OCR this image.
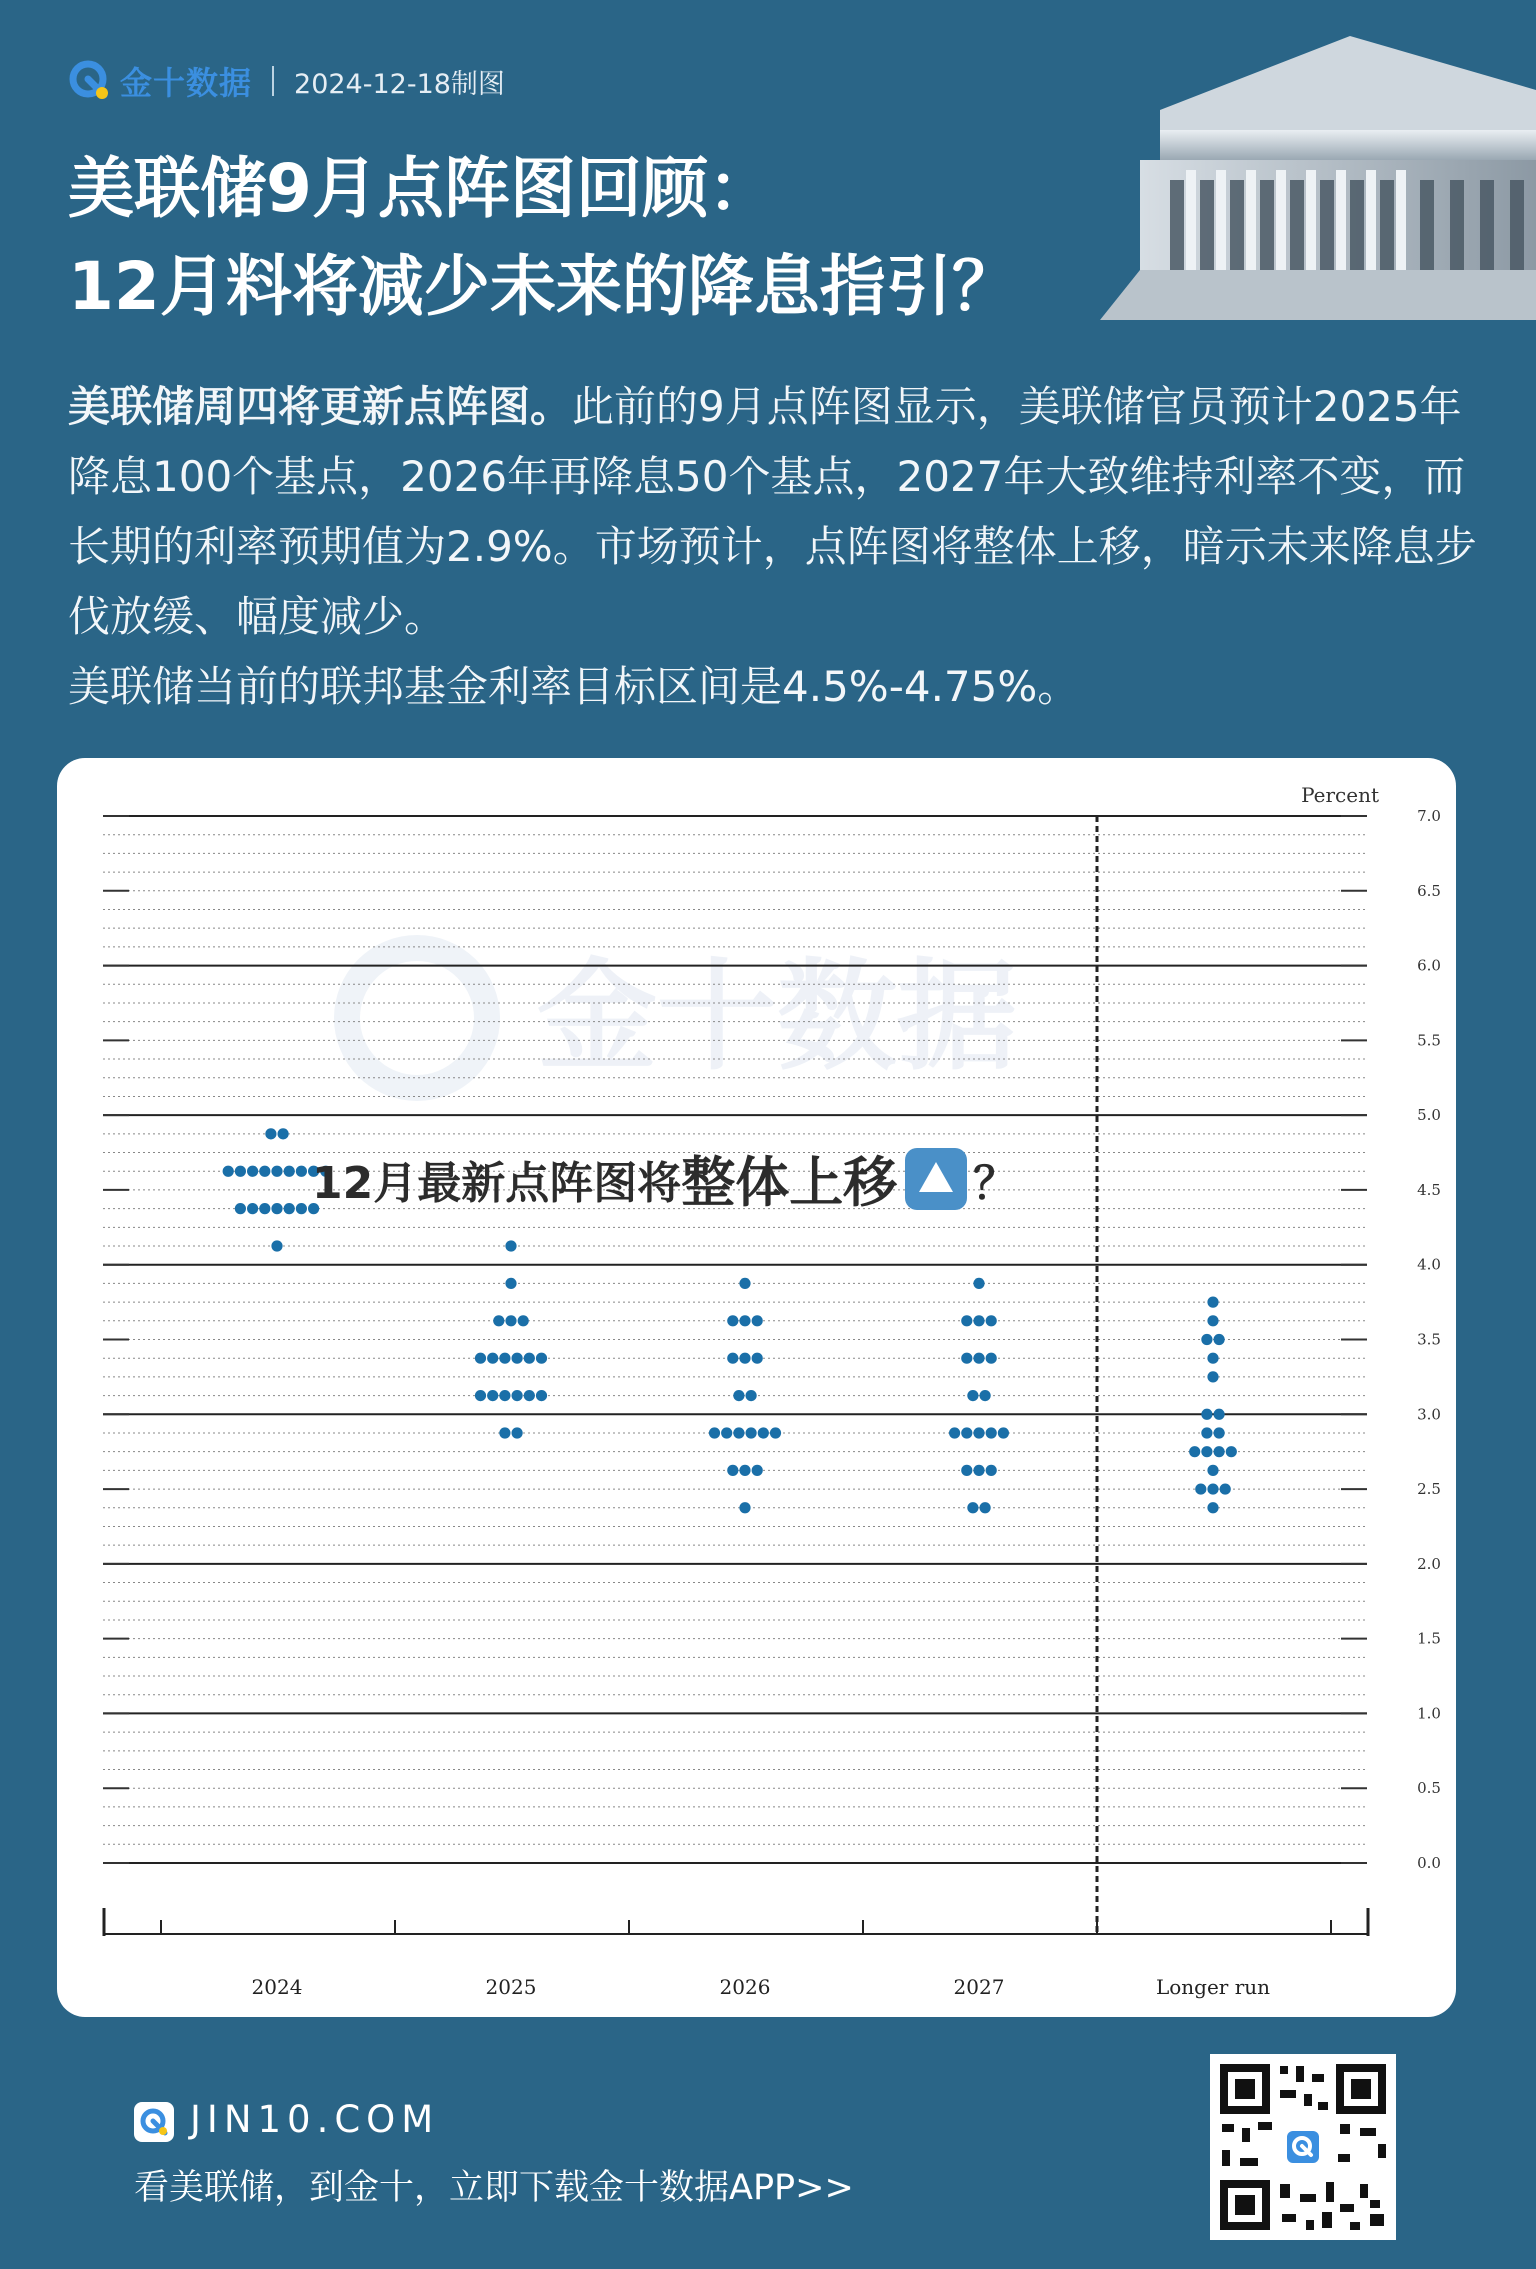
金十数据 2024-12-18制图
美联储9月点阵图回顾：
12月料将减少未来的降息指引？
美联储周四将更新点阵图。此前的9月点阵图显示，美联储官员预计2025年降息100个基点，2026年再降息50个基点，2027年大致维持利率不变，而长期的利率预期值为2.9%。市场预计，点阵图将整体上移，暗示未来降息步伐放缓、幅度减少。
美联储当前的联邦基金利率目标区间是4.5%-4.75%。
金十数据
0.0
0.5
1.0
1.5
2.0
2.5
3.0
3.5
4.0
4.5
5.0
5.5
6.0
6.5
7.0
2024	2025	2026	2027	Longer run
Percent
12月最新点阵图将 整体上移 ？
JIN10.COM
看美联储，到金十，立即下载金十数据APP>>
